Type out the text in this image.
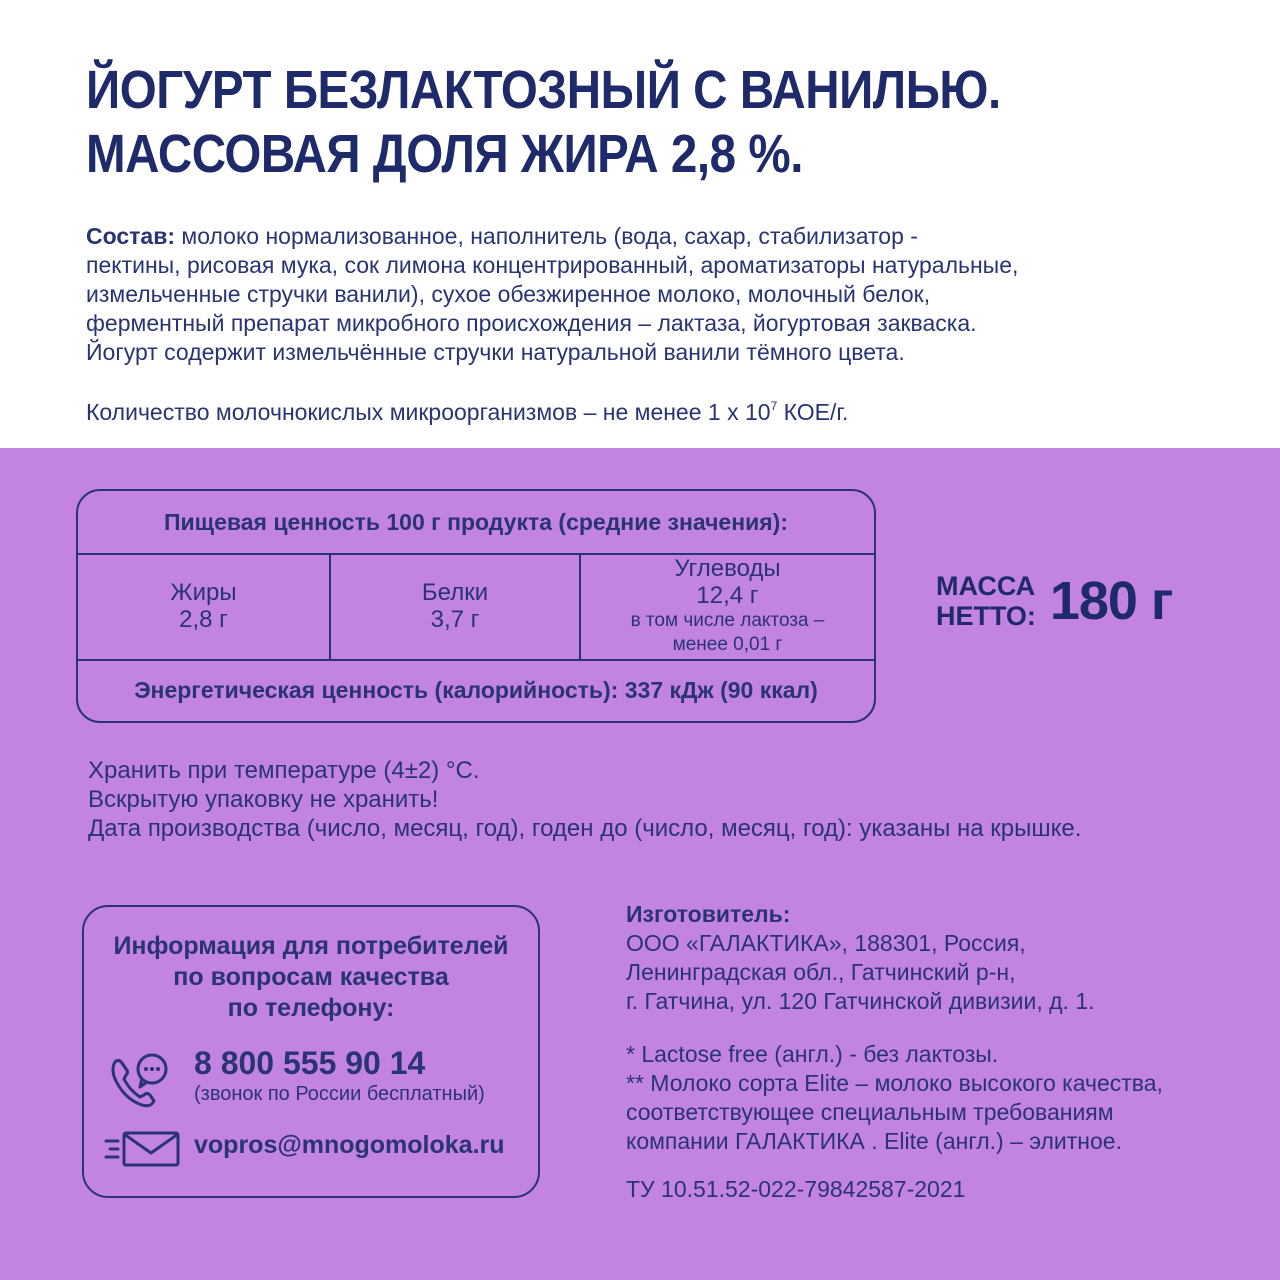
ЙОГУРТ БЕЗЛАКТОЗНЫЙ С ВАНИЛЬЮ.
МАССОВАЯ ДОЛЯ ЖИРА 2,8 %.
Состав: молоко нормализованное, наполнитель (вода, сахар, стабилизатор -
пектины, рисовая мука, сок лимона концентрированный, ароматизаторы натуральные,
измельченные стручки ванили), сухое обезжиренное молоко, молочный белок,
ферментный препарат микробного происхождения – лактаза, йогуртовая закваска.
Йогурт содержит измельчённые стручки натуральной ванили тёмного цвета.
Количество молочнокислых микроорганизмов – не менее 1 х $10^7$ КОЕ/г.
Пищевая ценность 100 г продукта (средние значения):
Жиры
2,8 г
Белки
3,7 г
Углеводы
12,4 г
в том числе лактоза –
менее 0,01 г
Энергетическая ценность (калорийность): 337 кДж (90 ккал)
МАССА
НЕТТО: 180 г
Хранить при температуре (4±2) °С.
Вскрытую упаковку не хранить!
Дата производства (число, месяц, год), годен до (число, месяц, год): указаны на крышке.
Информация для потребителей
по вопросам качества
по телефону:
8 800 555 90 14
(звонок по России бесплатный)
vopros@mnogomoloka.ru
Изготовитель:
ООО «ГАЛАКТИКА», 188301, Россия,
Ленинградская обл., Гатчинский р-н,
г. Гатчина, ул. 120 Гатчинской дивизии, д. 1.
* Lactose free (англ.) - без лактозы.
** Молоко сорта Elite – молоко высокого качества,
соответствующее специальным требованиям
компании ГАЛАКТИКА . Elite (англ.) – элитное.
ТУ 10.51.52-022-79842587-2021
